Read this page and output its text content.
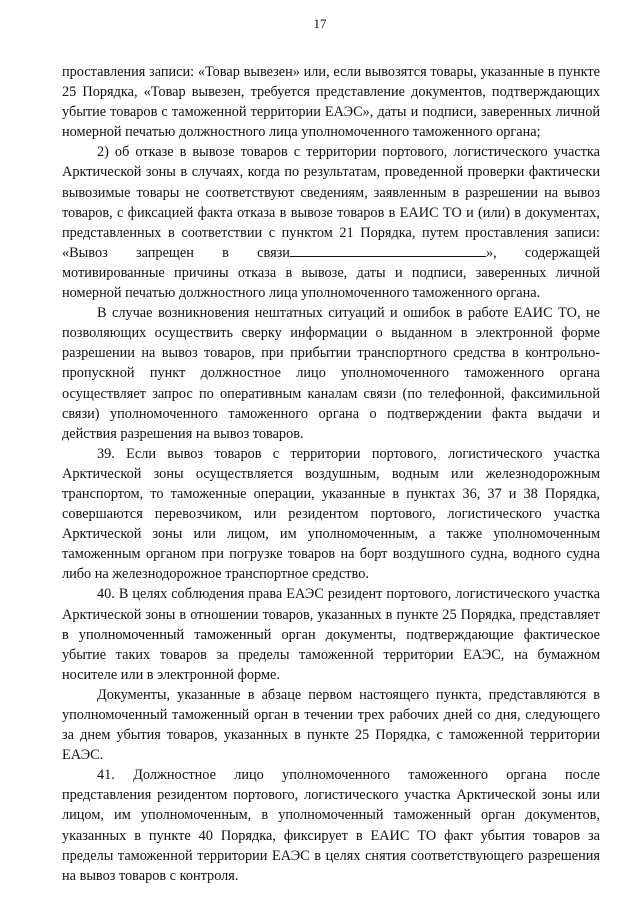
17

проставления записи: «Товар вывезен» или, если вывозятся товары, указанные в пункте 25 Порядка, «Товар вывезен, требуется представление документов, подтверждающих убытие товаров с таможенной территории ЕАЭС», даты и подписи, заверенных личной номерной печатью должностного лица уполномоченного таможенного органа;

2) об отказе в вывозе товаров с территории портового, логистического участка Арктической зоны в случаях, когда по результатам, проведенной проверки фактически вывозимые товары не соответствуют сведениям, заявленным в разрешении на вывоз товаров, с фиксацией факта отказа в вывозе товаров в ЕАИС ТО и (или) в документах, представленных в соответствии с пунктом 21 Порядка, путем проставления записи: «Вывоз запрещен в связи	», содержащей мотивированные причины отказа в вывозе, даты и подписи, заверенных личной номерной печатью должностного лица уполномоченного таможенного органа.

В случае возникновения нештатных ситуаций и ошибок в работе ЕАИС ТО, не позволяющих осуществить сверку информации о выданном в электронной форме разрешении на вывоз товаров, при прибытии транспортного средства в контрольно-пропускной пункт должностное лицо уполномоченного таможенного органа осуществляет запрос по оперативным каналам связи (по телефонной, факсимильной связи) уполномоченного таможенного органа о подтверждении факта выдачи и действия разрешения на вывоз товаров.

39. Если вывоз товаров с территории портового, логистического участка Арктической зоны осуществляется воздушным, водным или железнодорожным транспортом, то таможенные операции, указанные в пунктах 36, 37 и 38 Порядка, совершаются перевозчиком, или резидентом портового, логистического участка Арктической зоны или лицом, им уполномоченным, а также уполномоченным таможенным органом при погрузке товаров на борт воздушного судна, водного судна либо на железнодорожное транспортное средство.

40. В целях соблюдения права ЕАЭС резидент портового, логистического участка Арктической зоны в отношении товаров, указанных в пункте 25 Порядка, представляет в уполномоченный таможенный орган документы, подтверждающие фактическое убытие таких товаров за пределы таможенной территории ЕАЭС, на бумажном носителе или в электронной форме.

Документы, указанные в абзаце первом настоящего пункта, представляются в уполномоченный таможенный орган в течении трех рабочих дней со дня, следующего за днем убытия товаров, указанных в пункте 25 Порядка, с таможенной территории ЕАЭС.

41. Должностное лицо уполномоченного таможенного органа после представления резидентом портового, логистического участка Арктической зоны или лицом, им уполномоченным, в уполномоченный таможенный орган документов, указанных в пункте 40 Порядка, фиксирует в ЕАИС ТО факт убытия товаров за пределы таможенной территории ЕАЭС в целях снятия соответствующего разрешения на вывоз товаров с контроля.
